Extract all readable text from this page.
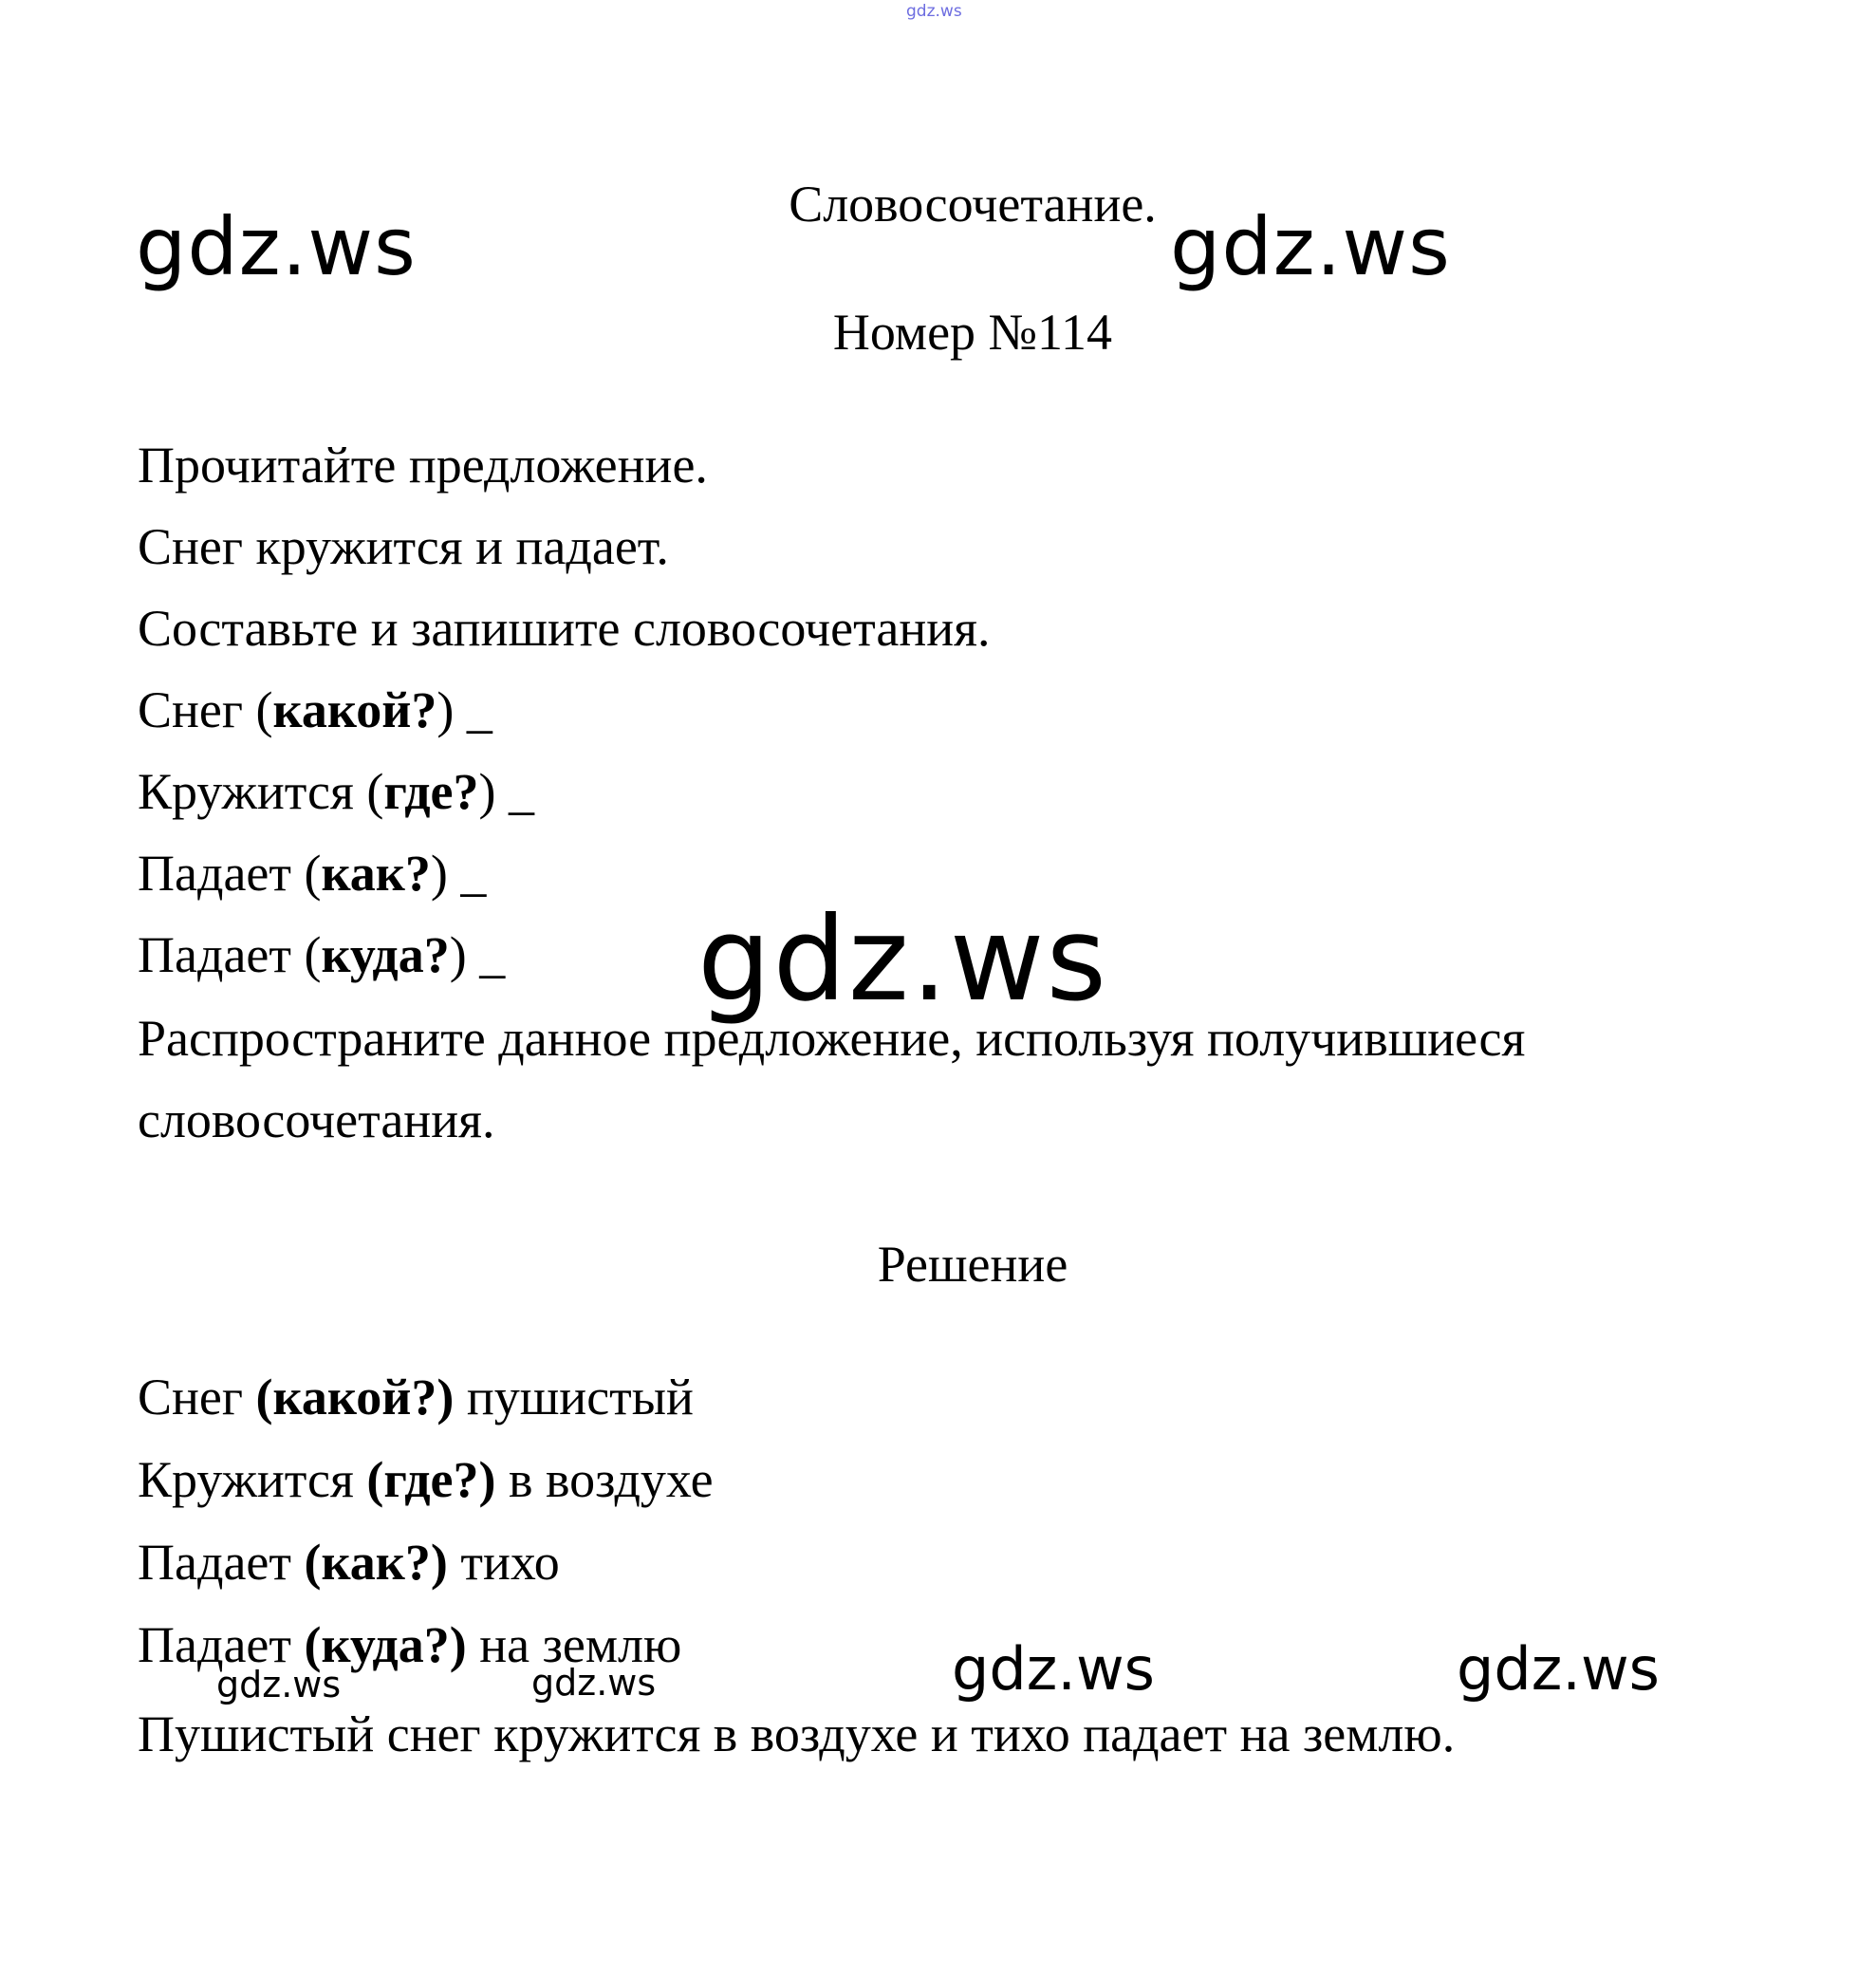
gdz.ws
Словосочетание.
Номер №114
Прочитайте предложение.
Снег кружится и падает.
Составьте и запишите словосочетания.
Снег (какой?) _
Кружится (где?) _
Падает (как?) _
Падает (куда?) _
Распространите данное предложение, используя получившиеся
словосочетания.
Решение
Снег (какой?) пушистый
Кружится (где?) в воздухе
Падает (как?) тихо
Падает (куда?) на землю
Пушистый снег кружится в воздухе и тихо падает на землю.
gdz.ws	gdz.ws
gdz.ws
gdz.ws	gdz.ws	gdz.ws	gdz.ws
